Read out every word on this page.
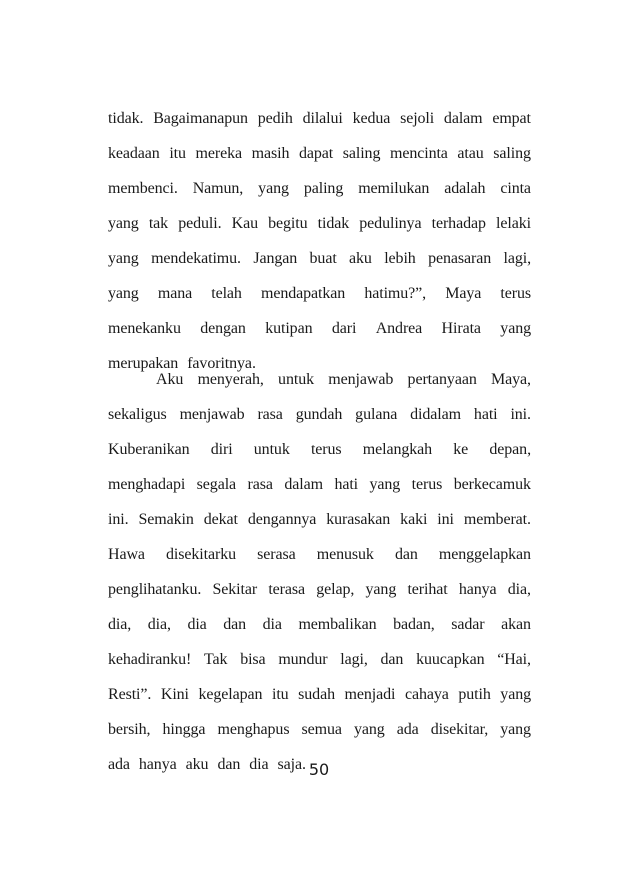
tidak. Bagaimanapun pedih dilalui kedua sejoli dalam empat
keadaan itu mereka masih dapat saling mencinta atau saling
membenci. Namun, yang paling memilukan adalah cinta
yang tak peduli. Kau begitu tidak pedulinya terhadap lelaki
yang mendekatimu. Jangan buat aku lebih penasaran lagi,
yang mana telah mendapatkan hatimu?”, Maya terus
menekanku dengan kutipan dari Andrea Hirata yang
merupakan favoritnya.
Aku menyerah, untuk menjawab pertanyaan Maya,
sekaligus menjawab rasa gundah gulana didalam hati ini.
Kuberanikan diri untuk terus melangkah ke depan,
menghadapi segala rasa dalam hati yang terus berkecamuk
ini. Semakin dekat dengannya kurasakan kaki ini memberat.
Hawa disekitarku serasa menusuk dan menggelapkan
penglihatanku. Sekitar terasa gelap, yang terihat hanya dia,
dia, dia, dia dan dia membalikan badan, sadar akan
kehadiranku! Tak bisa mundur lagi, dan kuucapkan “Hai,
Resti”. Kini kegelapan itu sudah menjadi cahaya putih yang
bersih, hingga menghapus semua yang ada disekitar, yang
ada hanya aku dan dia saja. 50
